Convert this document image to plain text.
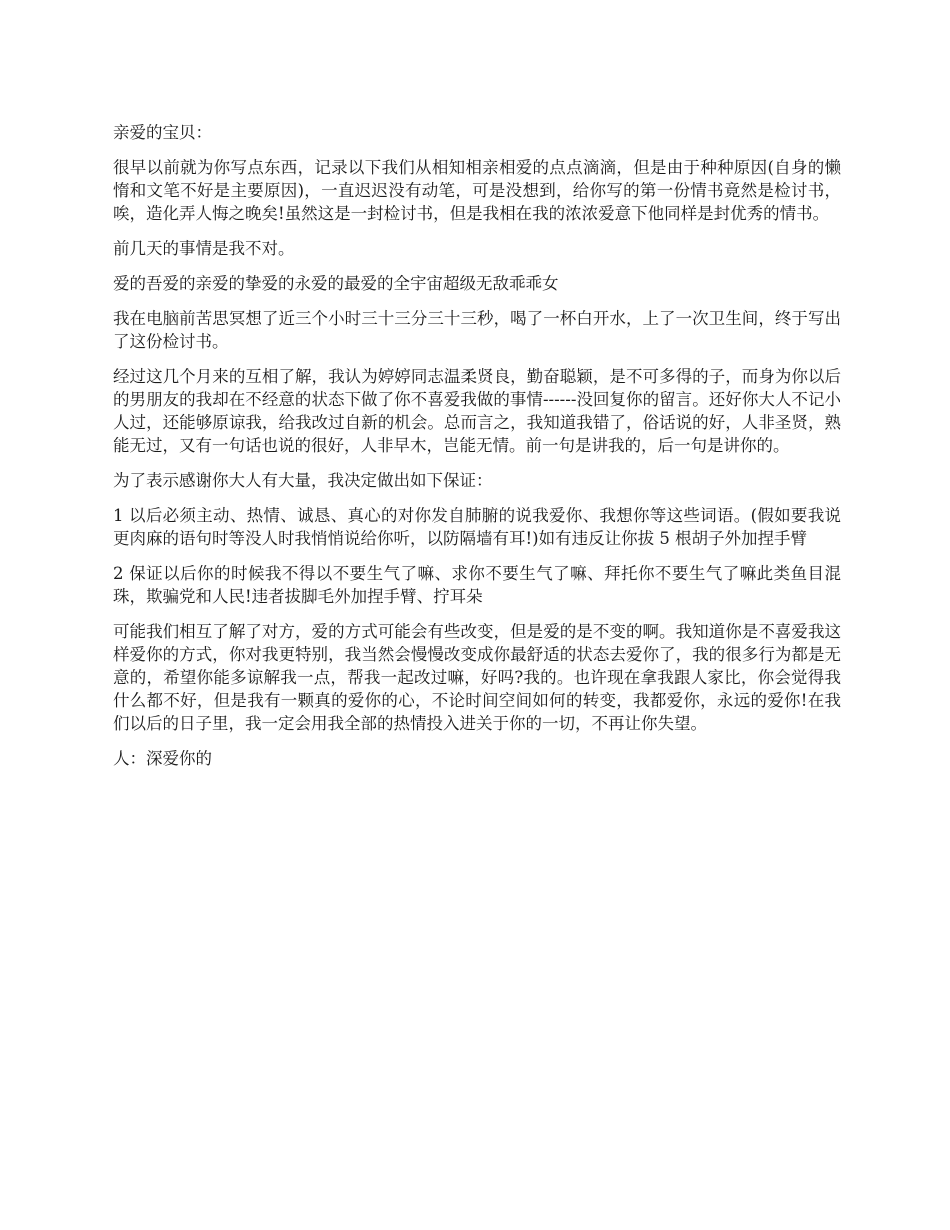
亲爱的宝贝：

很早以前就为你写点东西，记录以下我们从相知相亲相爱的点点滴滴，但是由于种种原因(自身的懒惰和文笔不好是主要原因)，一直迟迟没有动笔，可是没想到，给你写的第一份情书竟然是检讨书，唉，造化弄人悔之晚矣!虽然这是一封检讨书，但是我相在我的浓浓爱意下他同样是封优秀的情书。

前几天的事情是我不对。

爱的吾爱的亲爱的挚爱的永爱的最爱的全宇宙超级无敌乖乖女

我在电脑前苦思冥想了近三个小时三十三分三十三秒，喝了一杯白开水，上了一次卫生间，终于写出了这份检讨书。

经过这几个月来的互相了解，我认为婷婷同志温柔贤良，勤奋聪颖，是不可多得的子，而身为你以后的男朋友的我却在不经意的状态下做了你不喜爱我做的事情------没回复你的留言。还好你大人不记小人过，还能够原谅我，给我改过自新的机会。总而言之，我知道我错了，俗话说的好，人非圣贤，熟能无过，又有一句话也说的很好，人非早木，岂能无情。前一句是讲我的，后一句是讲你的。

为了表示感谢你大人有大量，我决定做出如下保证：

1 以后必须主动、热情、诚恳、真心的对你发自肺腑的说我爱你、我想你等这些词语。(假如要我说更肉麻的语句时等没人时我悄悄说给你听，以防隔墙有耳!)如有违反让你拔 5 根胡子外加捏手臂

2 保证以后你的时候我不得以不要生气了嘛、求你不要生气了嘛、拜托你不要生气了嘛此类鱼目混珠，欺骗党和人民!违者拔脚毛外加捏手臂、拧耳朵

可能我们相互了解了对方，爱的方式可能会有些改变，但是爱的是不变的啊。我知道你是不喜爱我这样爱你的方式，你对我更特别，我当然会慢慢改变成你最舒适的状态去爱你了，我的很多行为都是无意的，希望你能多谅解我一点，帮我一起改过嘛，好吗?我的。也许现在拿我跟人家比，你会觉得我什么都不好，但是我有一颗真的爱你的心，不论时间空间如何的转变，我都爱你，永远的爱你!在我们以后的日子里，我一定会用我全部的热情投入进关于你的一切，不再让你失望。

人：深爱你的
